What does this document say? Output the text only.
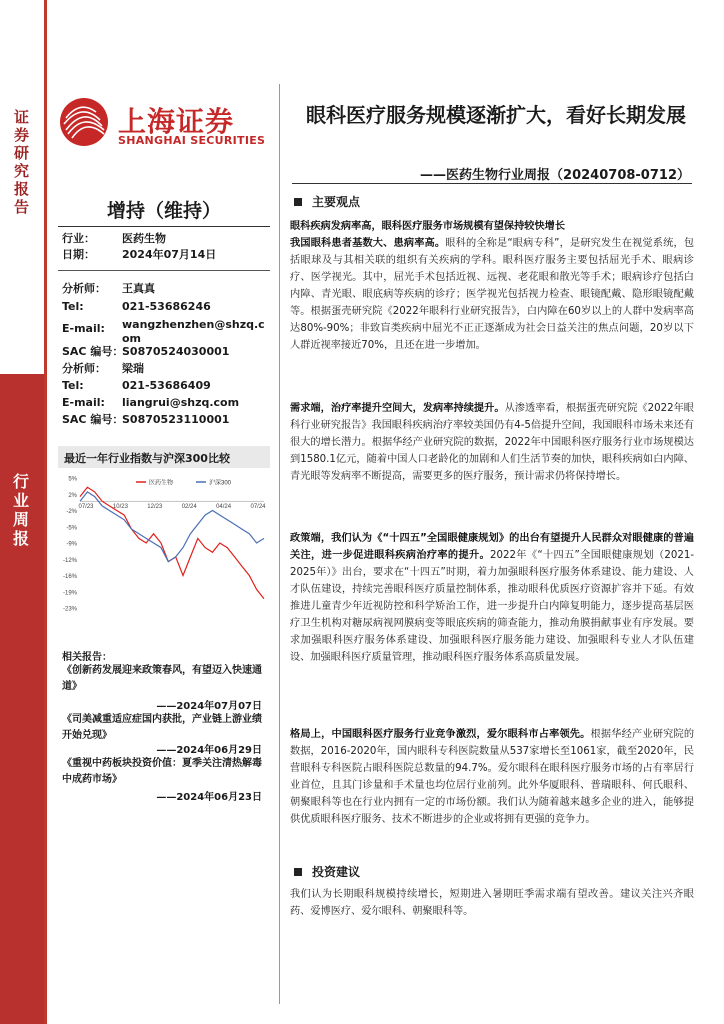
证券研究报告
行业周报
上海证券
SHANGHAI SECURITIES
眼科医疗服务规模逐渐扩大，看好长期发展
——医药生物行业周报（20240708-0712）
增持（维持）
行业： 医药生物
日期： 2024年07月14日
分析师： 王真真
Tel:	021-53686246
E-mail: wangzhenzhen@shzq.com
SAC 编号：
S0870524030001
分析师： 梁瑞
Tel:	021-53686409
E-mail: liangrui@shzq.com
SAC 编号：
S0870523110001
最近一年行业指数与沪深300比较
5%
2%
-2%
-5%
-9%
-12%
-16%
-19%
-23%
07/23	10/23	12/23	02/24	04/24	07/24
医药生物	沪深300
相关报告：
《创新药发展迎来政策春风，有望迈入快速通道》
——2024年07月07日
《司美减重适应症国内获批，产业链上游业绩开始兑现》
——2024年06月29日
《重视中药板块投资价值：夏季关注清热解毒中成药市场》
——2024年06月23日
主要观点
眼科疾病发病率高，眼科医疗服务市场规模有望保持较快增长
我国眼科患者基数大、患病率高。眼科的全称是“眼病专科”，是研究发生在视觉系统，包括眼球及与其相关联的组织有关疾病的学科。眼科医疗服务主要包括屈光手术、眼病诊疗、医学视光。其中，屈光手术包括近视、远视、老花眼和散光等手术；眼病诊疗包括白内障、青光眼、眼底病等疾病的诊疗；医学视光包括视力检查、眼镜配戴、隐形眼镜配戴等。根据蛋壳研究院《2022年眼科行业研究报告》，白内障在60岁以上的人群中发病率高达80%-90%；非致盲类疾病中屈光不正正逐渐成为社会日益关注的焦点问题，20岁以下人群近视率接近70%，且还在进一步增加。
需求端，治疗率提升空间大，发病率持续提升。从渗透率看，根据蛋壳研究院《2022年眼科行业研究报告》我国眼科疾病治疗率较美国仍有4-5倍提升空间，我国眼科市场未来还有很大的增长潜力。根据华经产业研究院的数据，2022年中国眼科医疗服务行业市场规模达到1580.1亿元，随着中国人口老龄化的加剧和人们生活节奏的加快，眼科疾病如白内障、青光眼等发病率不断提高，需要更多的医疗服务，预计需求仍将保持增长。
政策端，我们认为《“十四五”全国眼健康规划》的出台有望提升人民群众对眼健康的普遍关注，进一步促进眼科疾病治疗率的提升。2022年《“十四五”全国眼健康规划（2021-2025年）》出台，要求在“十四五”时期，着力加强眼科医疗服务体系建设、能力建设、人才队伍建设，持续完善眼科医疗质量控制体系，推动眼科优质医疗资源扩容并下延。有效推进儿童青少年近视防控和科学矫治工作，进一步提升白内障复明能力，逐步提高基层医疗卫生机构对糖尿病视网膜病变等眼底疾病的筛查能力，推动角膜捐献事业有序发展。要求加强眼科医疗服务体系建设、加强眼科医疗服务能力建设、加强眼科专业人才队伍建设、加强眼科医疗质量管理，推动眼科医疗服务体系高质量发展。
格局上，中国眼科医疗服务行业竞争激烈，爱尔眼科市占率领先。根据华经产业研究院的数据，2016-2020年，国内眼科专科医院数量从537家增长至1061家，截至2020年，民营眼科专科医院占眼科医院总数量的94.7%。爱尔眼科在眼科医疗服务市场的占有率居行业首位，且其门诊量和手术量也均位居行业前列。此外华厦眼科、普瑞眼科、何氏眼科、朝聚眼科等也在行业内拥有一定的市场份额。我们认为随着越来越多企业的进入，能够提供优质眼科医疗服务、技术不断进步的企业或将拥有更强的竞争力。
投资建议
我们认为长期眼科规模持续增长，短期进入暑期旺季需求端有望改善。建议关注兴齐眼药、爱博医疗、爱尔眼科、朝聚眼科等。
